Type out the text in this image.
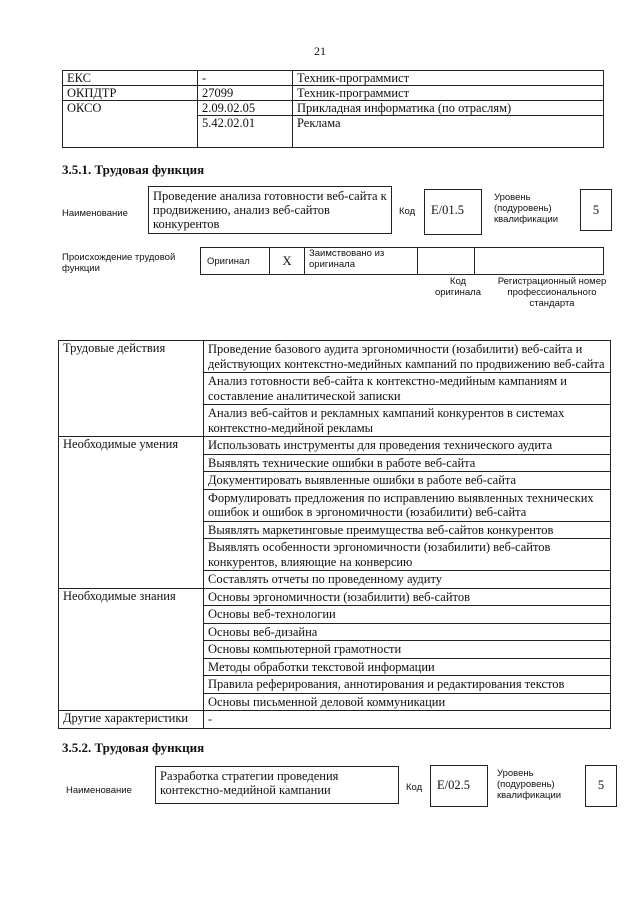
21
ЕКС	-	Техник-программист
ОКПДТР	27099	Техник-программист
ОКСО	2.09.02.05	Прикладная информатика (по отраслям)
	5.42.02.01	Реклама
3.5.1. Трудовая функция
Наименование
Проведение анализа готовности веб-сайта к продвижению, анализ веб-сайтов конкурентов
Код	E/01.5
Уровень (подуровень) квалификации
5
Происхождение трудовой функции
Оригинал	X	Заимствовано из оригинала		
Код оригинала
Регистрационный номер профессионального стандарта
Трудовые действия	Проведение базового аудита эргономичности (юзабилити) веб-сайта и действующих контекстно-медийных кампаний по продвижению веб-сайта
	Анализ готовности веб-сайта к контекстно-медийным кампаниям и составление аналитической записки
	Анализ веб-сайтов и рекламных кампаний конкурентов в системах контекстно-медийной рекламы
Необходимые умения	Использовать инструменты для проведения технического аудита
	Выявлять технические ошибки в работе веб-сайта
	Документировать выявленные ошибки в работе веб-сайта
	Формулировать предложения по исправлению выявленных технических ошибок и ошибок в эргономичности (юзабилити) веб-сайта
	Выявлять маркетинговые преимущества веб-сайтов конкурентов
	Выявлять особенности эргономичности (юзабилити) веб-сайтов конкурентов, влияющие на конверсию
	Составлять отчеты по проведенному аудиту
Необходимые знания	Основы эргономичности (юзабилити) веб-сайтов
	Основы веб-технологии
	Основы веб-дизайна
	Основы компьютерной грамотности
	Методы обработки текстовой информации
	Правила реферирования, аннотирования и редактирования текстов
	Основы письменной деловой коммуникации
Другие характеристики	-
3.5.2. Трудовая функция
Наименование
Разработка стратегии проведения контекстно-медийной кампании	Код	E/02.5
Уровень (подуровень) квалификации
5
